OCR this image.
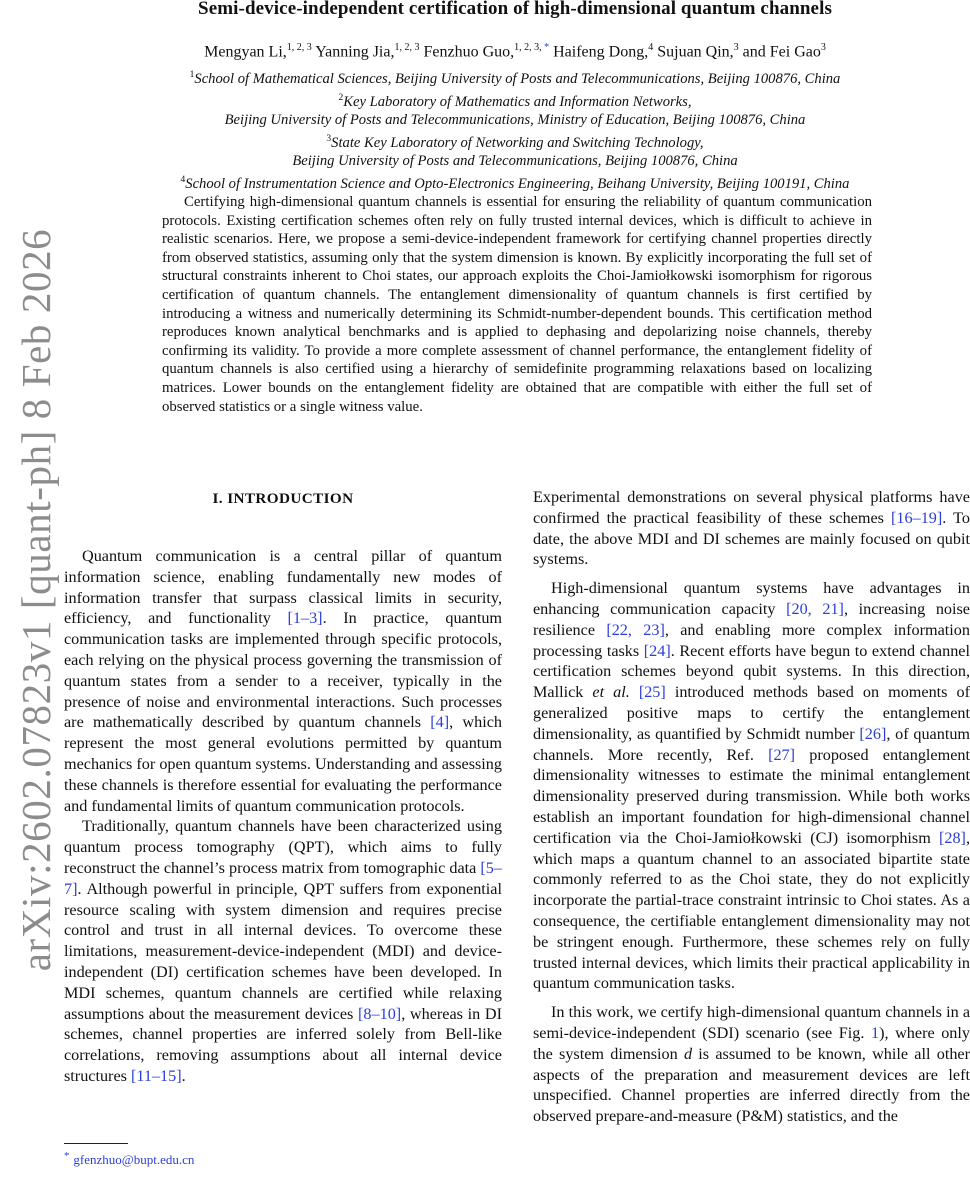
Semi-device-independent certification of high-dimensional quantum channels
Mengyan Li,$^{1, 2, 3}$ Yanning Jia,$^{1, 2, 3}$ Fenzhuo Guo,$^{1, 2, 3, *}$ Haifeng Dong,$^4$ Sujuan Qin,$^3$ and Fei Gao$^3$
$^1$School of Mathematical Sciences, Beijing University of Posts and Telecommunications, Beijing 100876, China
$^2$Key Laboratory of Mathematics and Information Networks,
Beijing University of Posts and Telecommunications, Ministry of Education, Beijing 100876, China
$^3$State Key Laboratory of Networking and Switching Technology,
Beijing University of Posts and Telecommunications, Beijing 100876, China
$^4$School of Instrumentation Science and Opto-Electronics Engineering, Beihang University, Beijing 100191, China
Certifying high-dimensional quantum channels is essential for ensuring the reliability of quantum communication protocols. Existing certification schemes often rely on fully trusted internal devices, which is difficult to achieve in realistic scenarios. Here, we propose a semi-device-independent framework for certifying channel properties directly from observed statistics, assuming only that the system dimension is known. By explicitly incorporating the full set of structural constraints inherent to Choi states, our approach exploits the Choi-Jamiołkowski isomorphism for rigorous certification of quantum channels. The entanglement dimensionality of quantum channels is first certified by introducing a witness and numerically determining its Schmidt-number-dependent bounds. This certification method reproduces known analytical benchmarks and is applied to dephasing and depolarizing noise channels, thereby confirming its validity. To provide a more complete assessment of channel performance, the entanglement fidelity of quantum channels is also certified using a hierarchy of semidefinite programming relaxations based on localizing matrices. Lower bounds on the entanglement fidelity are obtained that are compatible with either the full set of observed statistics or a single witness value.
arXiv:2602.07823v1 [quant-ph] 8 Feb 2026	I. INTRODUCTION

Quantum communication is a central pillar of quantum information science, enabling fundamentally new modes of information transfer that surpass classical limits in security, efficiency, and functionality [1–3]. In practice, quantum communication tasks are implemented through specific protocols, each relying on the physical process governing the transmission of quantum states from a sender to a receiver, typically in the presence of noise and environmental interactions. Such processes are mathematically described by quantum channels [4], which represent the most general evolutions permitted by quantum mechanics for open quantum systems. Understanding and assessing these channels is therefore essential for evaluating the performance and fundamental limits of quantum communication protocols.

Traditionally, quantum channels have been characterized using quantum process tomography (QPT), which aims to fully reconstruct the channel’s process matrix from tomographic data [5–7]. Although powerful in principle, QPT suffers from exponential resource scaling with system dimension and requires precise control and trust in all internal devices. To overcome these limitations, measurement-device-independent (MDI) and device-independent (DI) certification schemes have been developed. In MDI schemes, quantum channels are certified while relaxing assumptions about the measurement devices [8–10], whereas in DI schemes, channel properties are inferred solely from Bell-like correlations, removing assumptions about all internal device structures [11–15].

Experimental demonstrations on several physical platforms have confirmed the practical feasibility of these schemes [16–19]. To date, the above MDI and DI schemes are mainly focused on qubit systems.

High-dimensional quantum systems have advantages in enhancing communication capacity [20, 21], increasing noise resilience [22, 23], and enabling more complex information processing tasks [24]. Recent efforts have begun to extend channel certification schemes beyond qubit systems. In this direction, Mallick et al. [25] introduced methods based on moments of generalized positive maps to certify the entanglement dimensionality, as quantified by Schmidt number [26], of quantum channels. More recently, Ref. [27] proposed entanglement dimensionality witnesses to estimate the minimal entanglement dimensionality preserved during transmission. While both works establish an important foundation for high-dimensional channel certification via the Choi-Jamiołkowski (CJ) isomorphism [28], which maps a quantum channel to an associated bipartite state commonly referred to as the Choi state, they do not explicitly incorporate the partial-trace constraint intrinsic to Choi states. As a consequence, the certifiable entanglement dimensionality may not be stringent enough. Furthermore, these schemes rely on fully trusted internal devices, which limits their practical applicability in quantum communication tasks.

In this work, we certify high-dimensional quantum channels in a semi-device-independent (SDI) scenario (see Fig. 1), where only the system dimension d is assumed to be known, while all other aspects of the preparation and measurement devices are left unspecified. Channel properties are inferred directly from the observed prepare-and-measure (P&M) statistics, and the

* gfenzhuo@bupt.edu.cn
